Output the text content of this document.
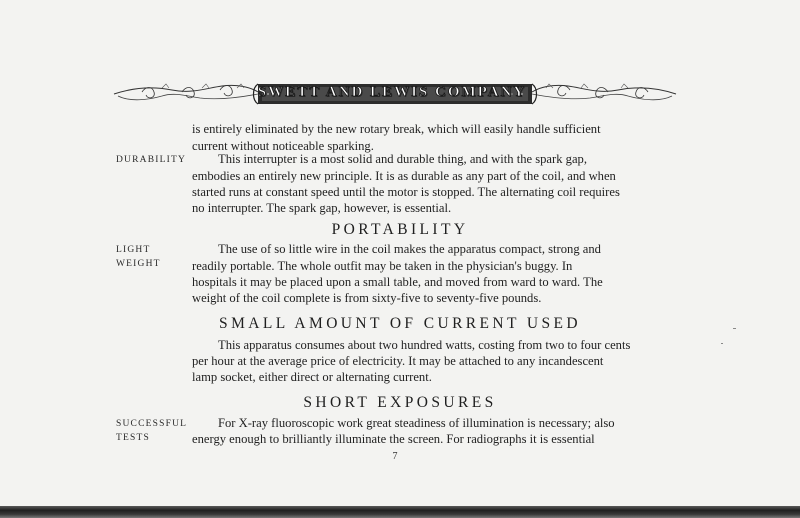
SWETT AND LEWIS COMPANY
DURABILITY
LIGHT
WEIGHT
SUCCESSFUL
TESTS
is entirely eliminated by the new rotary break, which will easily handle sufficient
current without noticeable sparking.
This interrupter is a most solid and durable thing, and with the spark gap,
embodies an entirely new principle. It is as durable as any part of the coil, and when
started runs at constant speed until the motor is stopped. The alternating coil requires
no interrupter. The spark gap, however, is essential.
PORTABILITY
The use of so little wire in the coil makes the apparatus compact, strong and
readily portable. The whole outfit may be taken in the physician's buggy. In
hospitals it may be placed upon a small table, and moved from ward to ward. The
weight of the coil complete is from sixty-five to seventy-five pounds.
SMALL AMOUNT OF CURRENT USED
This apparatus consumes about two hundred watts, costing from two to four cents
per hour at the average price of electricity. It may be attached to any incandescent
lamp socket, either direct or alternating current.
SHORT EXPOSURES
For X-ray fluoroscopic work great steadiness of illumination is necessary; also
energy enough to brilliantly illuminate the screen. For radiographs it is essential
7
